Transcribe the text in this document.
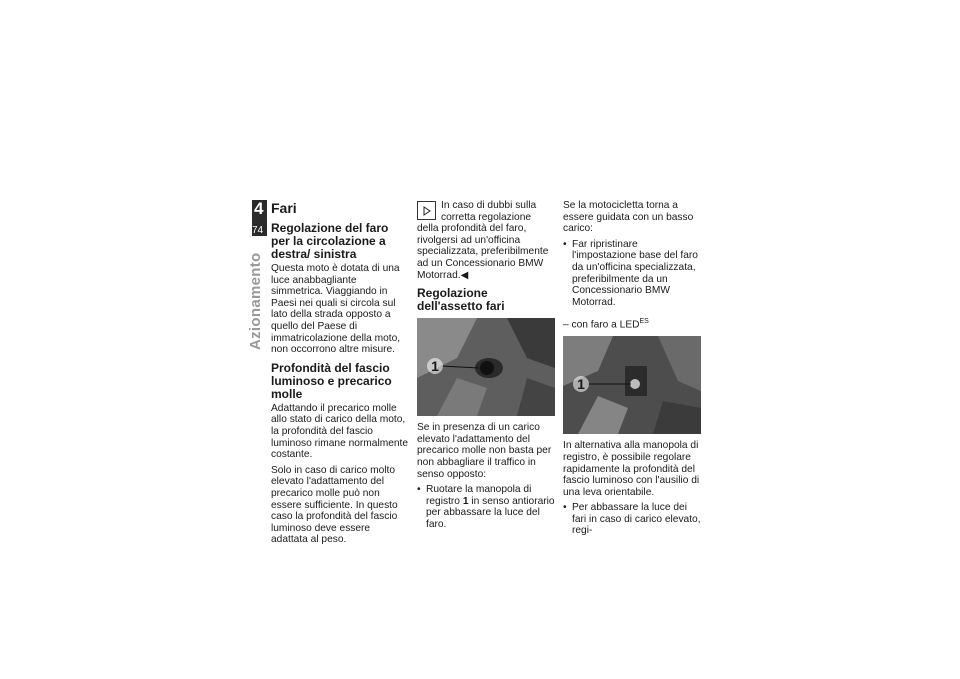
4
74
Azionamento
Fari
Regolazione del faro per la circolazione a destra/ sinistra

Questa moto è dotata di una luce anabbagliante simmetrica. Viaggiando in Paesi nei quali si circola sul lato della strada opposto a quello del Paese di immatricolazione della moto, non occorrono altre misure.

Profondità del fascio luminoso e precarico molle

Adattando il precarico molle allo stato di carico della moto, la profondità del fascio luminoso rimane normalmente costante.

Solo in caso di carico molto elevato l'adattamento del precarico molle può non essere sufficiente. In questo caso la profondità del fascio luminoso deve essere adattata al peso.

In caso di dubbi sulla corretta regolazione della profondità del faro, rivolgersi ad un'officina specializzata, preferibilmente ad un Concessionario BMW Motorrad.◀
Regolazione dell'assetto fari
1

Se in presenza di un carico elevato l'adattamento del precarico molle non basta per non abbagliare il traffico in senso opposto:

• Ruotare la manopola di registro 1 in senso antiorario per abbassare la luce del faro.

Se la motocicletta torna a essere guidata con un basso carico:

• Far ripristinare l'impostazione base del faro da un'officina specializzata, preferibilmente da un Concessionario BMW Motorrad.

– con faro a $LED^{ES}$

1

In alternativa alla manopola di registro, è possibile regolare rapidamente la profondità del fascio luminoso con l'ausilio di una leva orientabile.

• Per abbassare la luce dei fari in caso di carico elevato, regi-
